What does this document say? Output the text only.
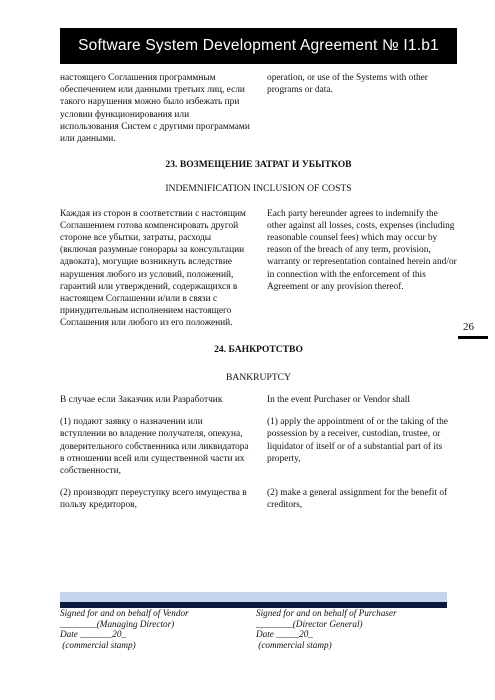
Software System Development Agreement № I1.b1

настоящего Соглашения программным обеспечением или данными третьих лиц, если такого нарушения можно было избежать при условии функционирования или использования Систем с другими программами или данными.

operation, or use of the Systems with other programs or data.

23. ВОЗМЕЩЕНИЕ ЗАТРАТ И УБЫТКОВ

INDEMNIFICATION INCLUSION OF COSTS

Каждая из сторон в соответствии с настоящим Соглашением готова компенсировать другой стороне все убытки, затраты, расходы (включая разумные гонорары за консультации адвоката), могущие возникнуть вследствие нарушения любого из условий, положений, гарантий или утверждений, содержащихся в настоящем Соглашении и/или в связи с принудительным исполнением настоящего Соглашения или любого из его положений.

Each party hereunder agrees to indemnify the other against all losses, costs, expenses (including reasonable counsel fees) which may occur by reason of the breach of any term, provision, warranty or representation contained herein and/or in connection with the enforcement of this Agreement or any provision thereof.

24. БАНКРОТСТВО

BANKRUPTCY

В случае если Заказчик или Разработчик	In the event Purchaser or Vendor shall

(1) подают заявку о назначении или вступлении во владение получателя, опекуна, доверительного собственника или ликвидатора в отношении всей или существенной части их собственности,

(1) apply the appointment of or the taking of the possession by a receiver, custodian, trustee, or liquidator of itself or of a substantial part of its property,

(2) производят переуступку всего имущества в пользу кредиторов,

(2) make a general assignment for the benefit of creditors,

26
Signed for and on behalf of Vendor
________(Managing Director)
Date _______20_
(commercial stamp)
Signed for and on behalf of Purchaser
________(Director General)
Date _____20_
(commercial stamp)
